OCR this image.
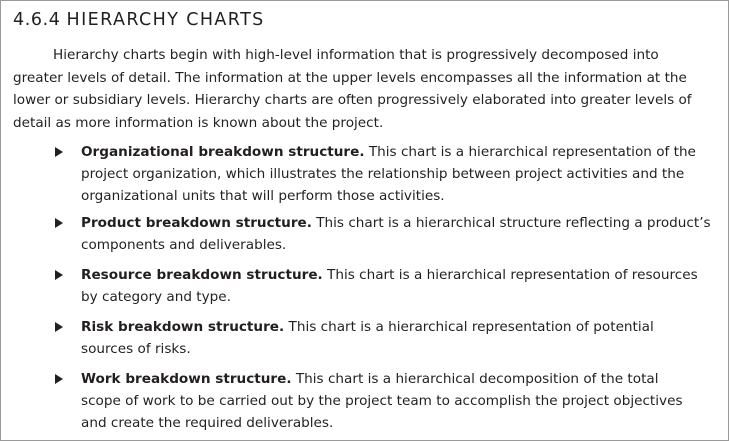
4.6.4 HIERARCHY CHARTS

Hierarchy charts begin with high-level information that is progressively decomposed into
greater levels of detail. The information at the upper levels encompasses all the information at the
lower or subsidiary levels. Hierarchy charts are often progressively elaborated into greater levels of
detail as more information is known about the project.

Organizational breakdown structure. This chart is a hierarchical representation of the
project organization, which illustrates the relationship between project activities and the
organizational units that will perform those activities.
Product breakdown structure. This chart is a hierarchical structure reflecting a product’s
components and deliverables.
Resource breakdown structure. This chart is a hierarchical representation of resources
by category and type.
Risk breakdown structure. This chart is a hierarchical representation of potential
sources of risks.
Work breakdown structure. This chart is a hierarchical decomposition of the total
scope of work to be carried out by the project team to accomplish the project objectives
and create the required deliverables.
